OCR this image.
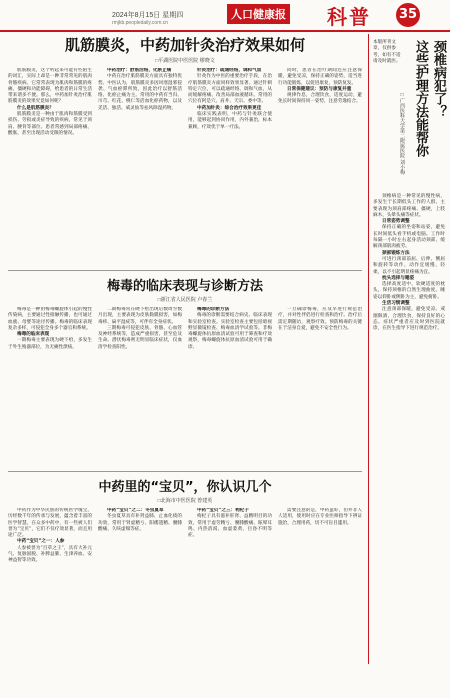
2024年8月15日 星期四
rmjkb.peopledaily.com.cn
人口健康报 科普 35
肌筋膜炎，中药加针灸治疗效果如何
□平湖医院中医医院 缪晓文

肌筋膜炎，这个听起来可能有些陌生的词汇，实际上却是一种非常常见的肌肉骨骼疾病。它常常表现为肌肉和筋膜的疼痛、僵硬和功能障碍，给患者的日常生活带来诸多不便。那么，中药加针灸治疗肌筋膜炎的效果究竟如何呢？

什么是肌筋膜炎？

肌筋膜炎是一种由于肌肉和筋膜受到损伤、劳损或炎症导致的疾病，常见于颈肩、腰背等部位。患者常感到局部疼痛、酸胀，甚至出现活动受限的情况。

中药治疗：舒筋活络，化瘀止痛

中药在治疗肌筋膜炎方面具有独特优势。中医认为，肌筋膜炎多因风寒湿邪侵袭、气血瘀滞所致，因此治疗以舒筋活络、化瘀止痛为主。常用的中药有当归、川芎、红花、桃仁等活血化瘀药物，以及羌活、独活、威灵仙等祛风除湿药物。

针灸治疗：疏通经络，调和气血

针灸作为中医的重要治疗手段，在治疗肌筋膜炎方面同样效果显著。通过针刺特定穴位，可以疏通经络、调和气血，从而缓解疼痛、改善局部血液循环。常用的穴位有阿是穴、肩井、天宗、委中等。

中药加针灸：综合治疗效果更佳

临床实践表明，中药与针灸联合使用，能够起到协同作用，内外兼治，标本兼顾，疗效优于单一疗法。

同时，患者在治疗期间还应注意保暖，避免受凉，保持正确的姿势，适当进行功能锻炼，以促进康复，预防复发。

日常保健建议：预防与康复并重

规律作息，合理饮食，适度运动，避免长时间保持同一姿势，注意劳逸结合。

梅毒的临床表现与诊断方法
□浙江省人民医院 卢春兰

梅毒是一种由梅毒螺旋体引起的慢性传染病，主要通过性接触传播，也可通过血液、母婴等途径传播。梅毒的临床表现复杂多样，可侵犯全身多个器官和系统。

梅毒的临床表现

一期梅毒主要表现为硬下疳，多发生于外生殖器部位，为无痛性溃疡。

二期梅毒常在硬下疳出现后数周至数月出现，主要表现为皮肤黏膜损害，如梅毒疹、扁平湿疣等，可伴有全身症状。

三期梅毒可侵犯皮肤、骨骼、心血管及神经系统等，造成严重损害，甚至危及生命。潜伏梅毒则无明显临床症状，仅血清学检查阳性。

梅毒的诊断方法

梅毒的诊断需要结合病史、临床表现和实验室检查。实验室检查主要包括暗视野显微镜检查、梅毒血清学试验等。非梅毒螺旋体抗原血清试验可用于筛查和疗效观察，梅毒螺旋体抗原血清试验可用于确诊。

一旦确诊梅毒，应及早进行规范治疗，并对性伴侣进行检查和治疗。治疗后需定期随访，观察疗效。预防梅毒的关键在于洁身自爱，避免不安全性行为。

中药里的“宝贝”，你认识几个
□北海市中医医院 曾建英

中药作为中华民族的传统医学瑰宝，历经数千年的传承与发展，蕴含着丰富的医学智慧。在众多中药中，有一些被人们誉为“宝贝”，它们不仅疗效显著，而且用途广泛。

中药“宝贝”之一：人参

人参被誉为“百草之王”，具有大补元气、复脉固脱、补脾益肺、生津养血、安神益智等功效。

中药“宝贝”之二：冬虫夏草

冬虫夏草具有补肾益肺、止血化痰的功效，常用于肾虚精亏、阳痿遗精、腰膝酸痛、久咳虚喘等症。

中药“宝贝”之三：枸杞子

枸杞子具有滋补肝肾、益精明目的功效，常用于虚劳精亏、腰膝酸痛、眩晕耳鸣、内热消渴、血虚萎黄、目昏不明等症。

需要注意的是，中药虽好，但并非人人适用，使用时应在专业医师指导下辨证施治，合理用药，切不可盲目滥用。

本版所刊文章，仅供参考，如有不适请及时就医。	颈椎病犯了？
这些护理方法能帮你
□广西医科大学第二附属医院 刘小梅

颈椎病是一种常见的慢性病，多发生于长期低头工作的人群，主要表现为颈肩部疼痛、僵硬，上肢麻木，头晕头痛等症状。

日常姿势调整

保持正确的坐姿和站姿，避免长时间低头看手机或电脑。工作时每隔一小时左右起身活动颈部，缓解颈部肌肉疲劳。

颈部锻炼方法

可进行颈部前屈、后伸、侧屈和旋转等动作，动作宜缓慢、轻柔，以不引起明显疼痛为宜。

枕头选择与睡姿

选择高度适中、软硬适度的枕头，保持颈椎的自然生理曲度。睡姿以仰卧或侧卧为主，避免俯卧。

生活习惯调整

注意颈部保暖，避免受凉。戒烟限酒，合理饮食，保持良好的心态。症状严重者应及时到医院就诊，在医生指导下进行规范治疗。
